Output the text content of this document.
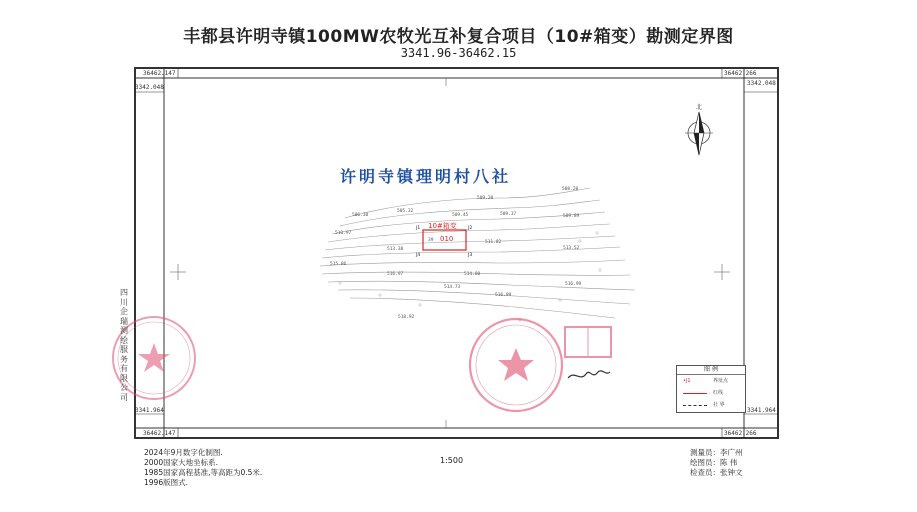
丰都县许明寺镇100MW农牧光互补复合项目（10#箱变）勘测定界图
3341.96-36462.15
北
506.30
505.32
509.20
508.20
509.45	509.37	509.89
510.97
511.82
513.52
513.38
514.80
515.86
516.97
514.73
516.99
516.99
518.92
10#箱变
010
39
J1	J2
J3
J4
36462.147	36462.266
3342.048
3342.048
3341.964	3341.964
36462.147	36462.266
许明寺镇理明村八社
四川企瑞测绘服务有限公司
图 例
•J1	界址点
红线
社 界
2024年9月数字化制图.
2000国家大地坐标系.
1985国家高程基准,等高距为0.5米.
1996版图式.
1:500
测量员：李广州
绘图员：陈 伟
检查员：张钟文
